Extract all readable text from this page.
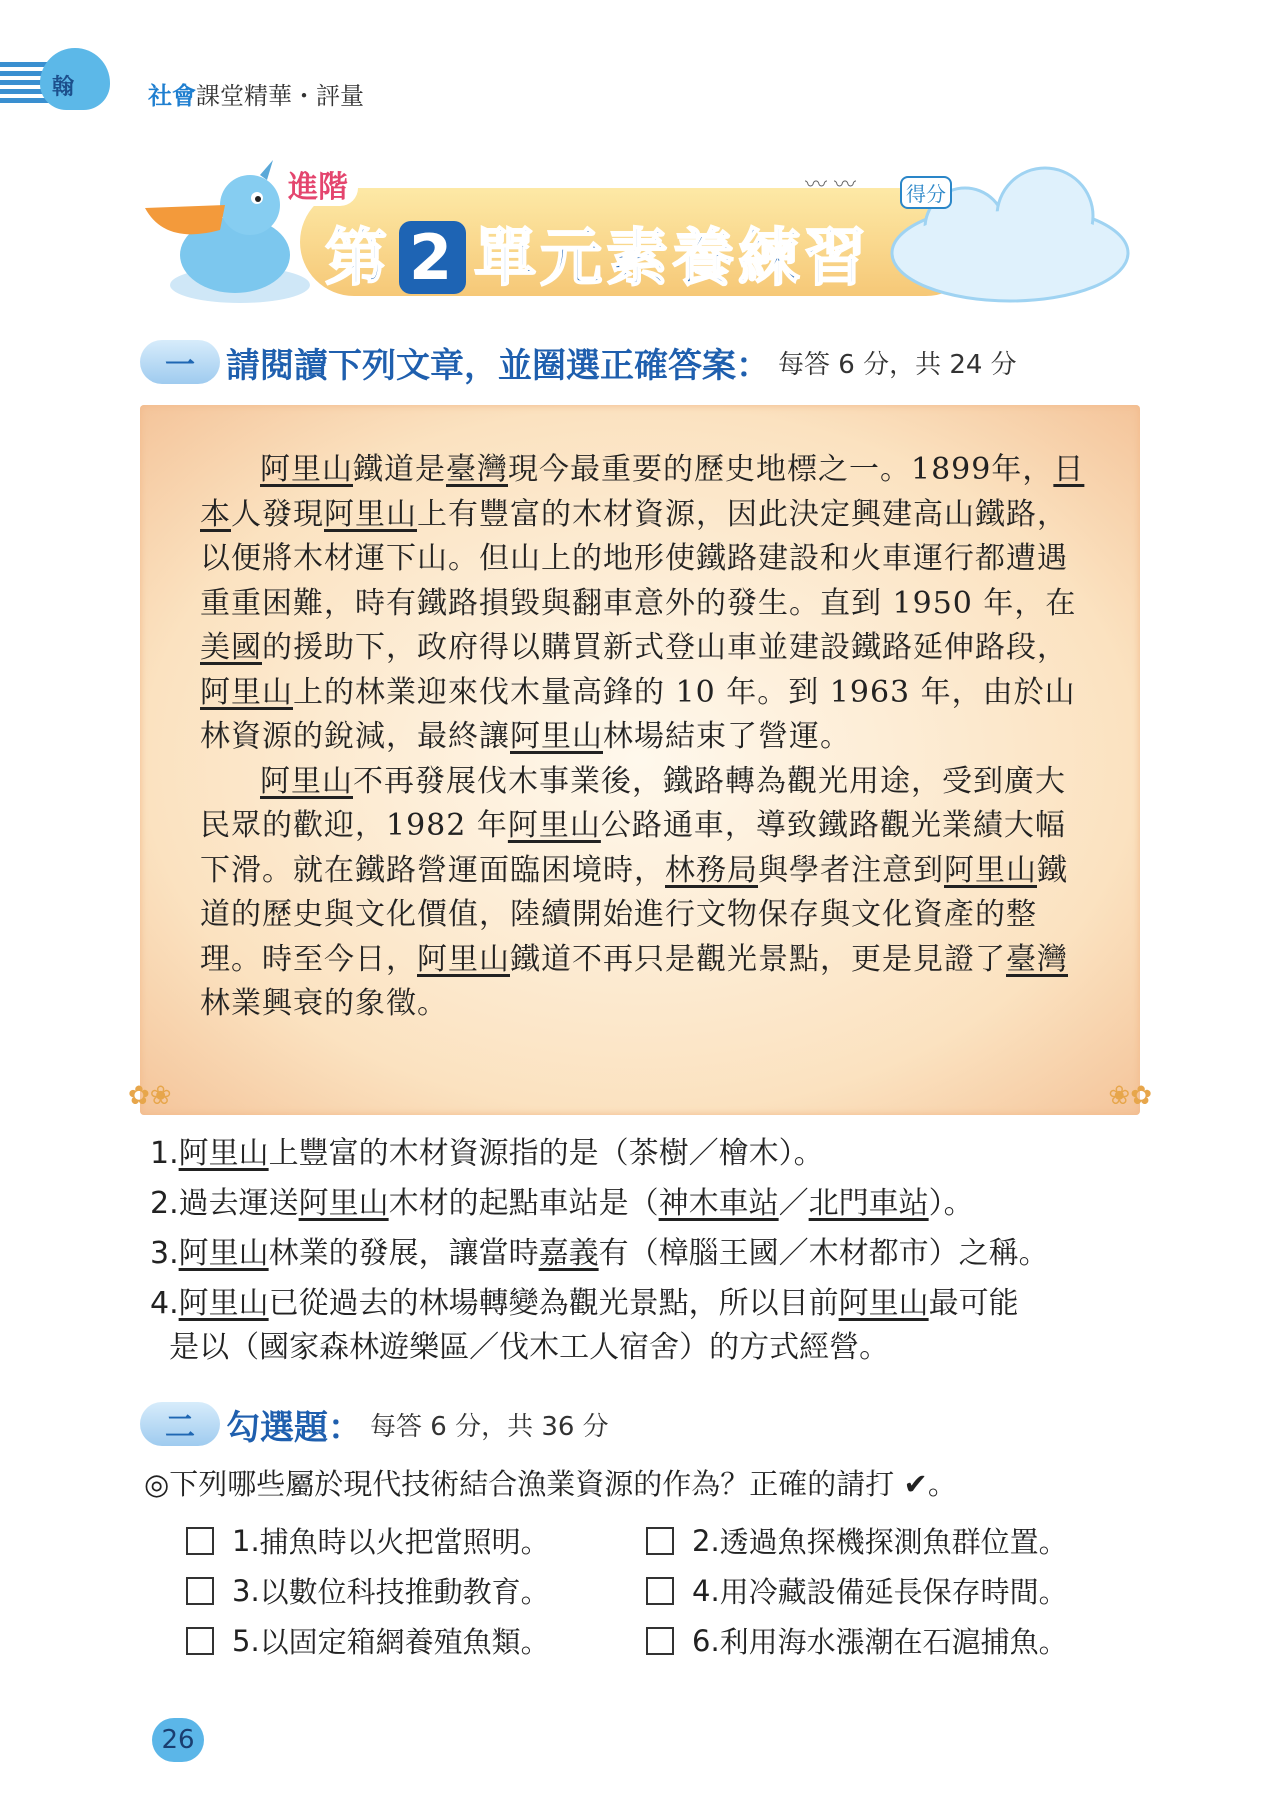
翰	社會課堂精華・評量
進階
第 2 單元素養練習
〰 〰	得分
一 請閱讀下列文章，並圈選正確答案： 每答 6 分，共 24 分
✿❀	❀✿

阿里山鐵道是臺灣現今最重要的歷史地標之一。1899年，日本人發現阿里山上有豐富的木材資源，因此決定興建高山鐵路，以便將木材運下山。但山上的地形使鐵路建設和火車運行都遭遇重重困難，時有鐵路損毀與翻車意外的發生。直到 1950 年，在美國的援助下，政府得以購買新式登山車並建設鐵路延伸路段，阿里山上的林業迎來伐木量高鋒的 10 年。到 1963 年，由於山林資源的銳減，最終讓阿里山林場結束了營運。

阿里山不再發展伐木事業後，鐵路轉為觀光用途，受到廣大民眾的歡迎，1982 年阿里山公路通車，導致鐵路觀光業績大幅下滑。就在鐵路營運面臨困境時，林務局與學者注意到阿里山鐵道的歷史與文化價值，陸續開始進行文物保存與文化資產的整理。時至今日，阿里山鐵道不再只是觀光景點，更是見證了臺灣林業興衰的象徵。

1.阿里山上豐富的木材資源指的是（茶樹／檜木）。
2.過去運送阿里山木材的起點車站是（神木車站／北門車站）。
3.阿里山林業的發展，讓當時嘉義有（樟腦王國／木材都市）之稱。
4.阿里山已從過去的林場轉變為觀光景點，所以目前阿里山最可能
是以（國家森林遊樂區／伐木工人宿舍）的方式經營。
二 勾選題： 每答 6 分，共 36 分
◎下列哪些屬於現代技術結合漁業資源的作為？正確的請打 ✔。
1. 捕魚時以火把當照明。	2. 透過魚探機探測魚群位置。
3. 以數位科技推動教育。	4. 用冷藏設備延長保存時間。
5. 以固定箱網養殖魚類。	6. 利用海水漲潮在石滬捕魚。
26
